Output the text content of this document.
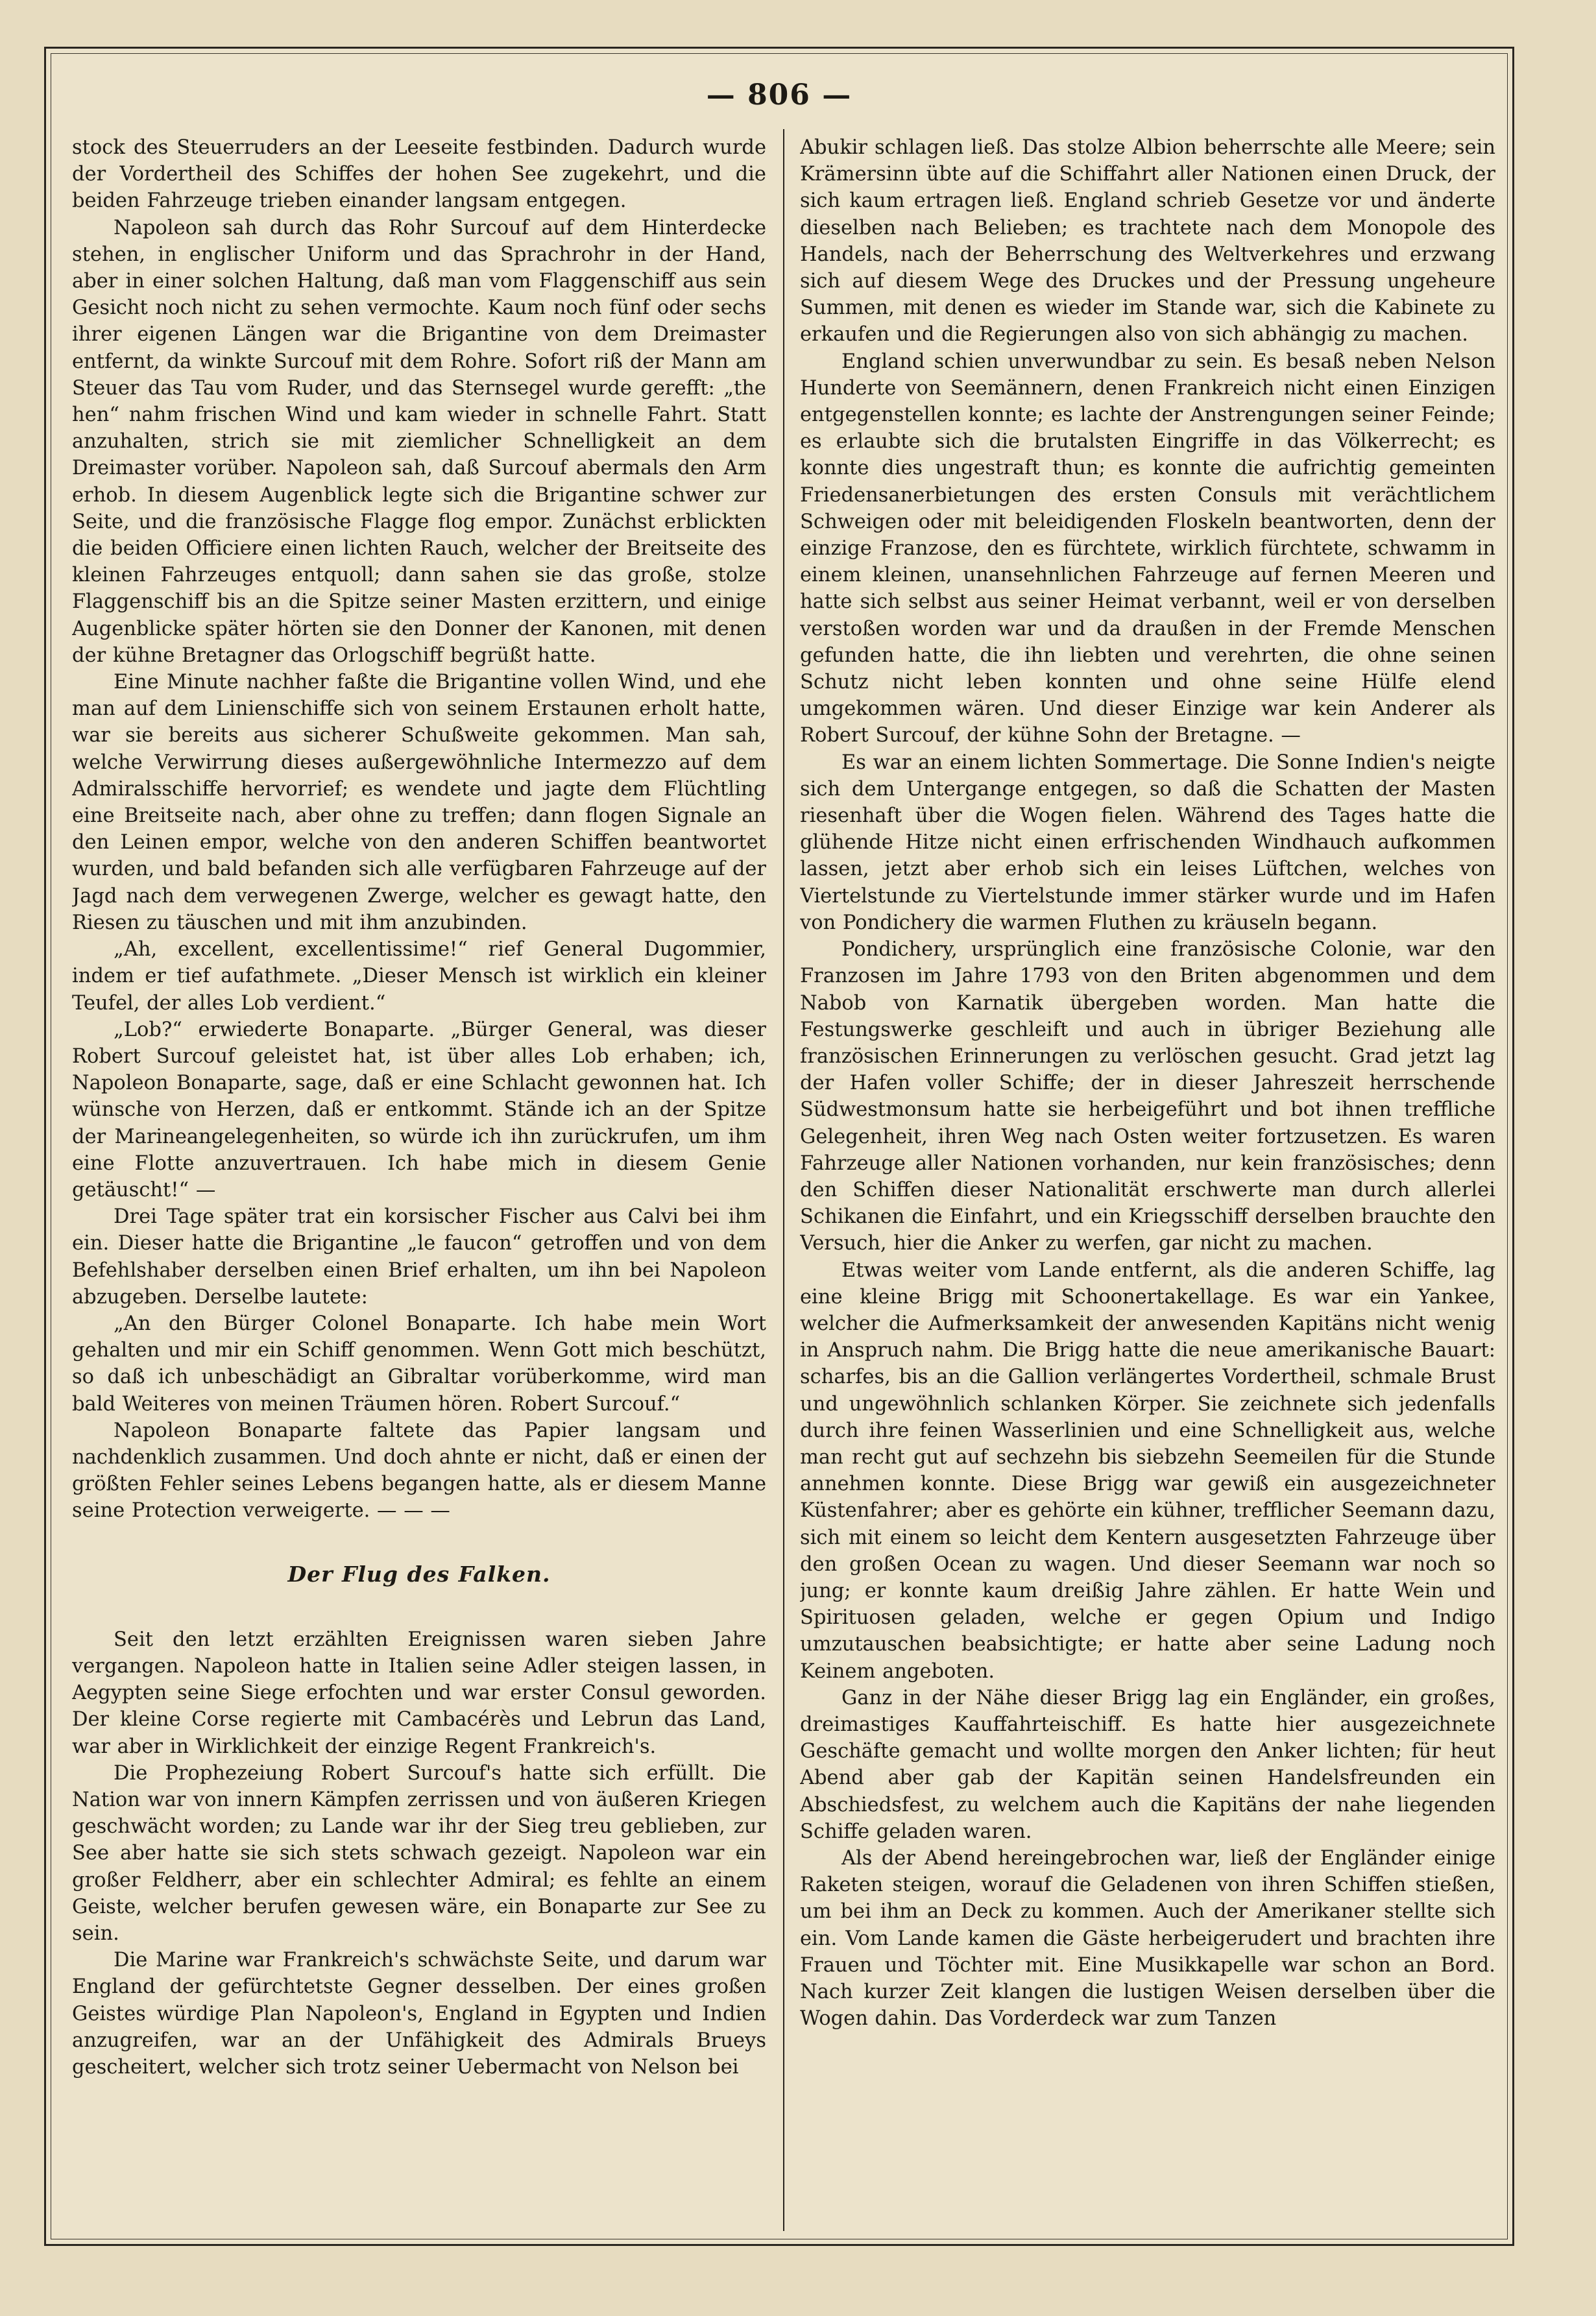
— 806 —

stock des Steuerruders an der Leeseite festbinden. Dadurch wurde der Vordertheil des Schiffes der hohen See zugekehrt, und die beiden Fahrzeuge trieben einander langsam entgegen.

Napoleon sah durch das Rohr Surcouf auf dem Hinterdecke stehen, in englischer Uniform und das Sprachrohr in der Hand, aber in einer solchen Haltung, daß man vom Flaggenschiff aus sein Gesicht noch nicht zu sehen vermochte. Kaum noch fünf oder sechs ihrer eigenen Längen war die Brigantine von dem Dreimaster entfernt, da winkte Surcouf mit dem Rohre. Sofort riß der Mann am Steuer das Tau vom Ruder, und das Sternsegel wurde gerefft: „the hen“ nahm frischen Wind und kam wieder in schnelle Fahrt. Statt anzuhalten, strich sie mit ziemlicher Schnelligkeit an dem Dreimaster vorüber. Napoleon sah, daß Surcouf abermals den Arm erhob. In diesem Augenblick legte sich die Brigantine schwer zur Seite, und die französische Flagge flog empor. Zunächst erblickten die beiden Officiere einen lichten Rauch, welcher der Breitseite des kleinen Fahrzeuges entquoll; dann sahen sie das große, stolze Flaggenschiff bis an die Spitze seiner Masten erzittern, und einige Augenblicke später hörten sie den Donner der Kanonen, mit denen der kühne Bretagner das Orlogschiff begrüßt hatte.

Eine Minute nachher faßte die Brigantine vollen Wind, und ehe man auf dem Linienschiffe sich von seinem Erstaunen erholt hatte, war sie bereits aus sicherer Schußweite gekommen. Man sah, welche Verwirrung dieses außergewöhnliche Intermezzo auf dem Admiralsschiffe hervorrief; es wendete und jagte dem Flüchtling eine Breitseite nach, aber ohne zu treffen; dann flogen Signale an den Leinen empor, welche von den anderen Schiffen beantwortet wurden, und bald befanden sich alle verfügbaren Fahrzeuge auf der Jagd nach dem verwegenen Zwerge, welcher es gewagt hatte, den Riesen zu täuschen und mit ihm anzubinden.

„Ah, excellent, excellentissime!“ rief General Dugommier, indem er tief aufathmete. „Dieser Mensch ist wirklich ein kleiner Teufel, der alles Lob verdient.“

„Lob?“ erwiederte Bonaparte. „Bürger General, was dieser Robert Surcouf geleistet hat, ist über alles Lob erhaben; ich, Napoleon Bonaparte, sage, daß er eine Schlacht gewonnen hat. Ich wünsche von Herzen, daß er entkommt. Stände ich an der Spitze der Marineangelegenheiten, so würde ich ihn zurückrufen, um ihm eine Flotte anzuvertrauen. Ich habe mich in diesem Genie getäuscht!“ —

Drei Tage später trat ein korsischer Fischer aus Calvi bei ihm ein. Dieser hatte die Brigantine „le faucon“ getroffen und von dem Befehlshaber derselben einen Brief erhalten, um ihn bei Napoleon abzugeben. Derselbe lautete:

„An den Bürger Colonel Bonaparte. Ich habe mein Wort gehalten und mir ein Schiff genommen. Wenn Gott mich beschützt, so daß ich unbeschädigt an Gibraltar vorüberkomme, wird man bald Weiteres von meinen Träumen hören. Robert Surcouf.“

Napoleon Bonaparte faltete das Papier langsam und nachdenklich zusammen. Und doch ahnte er nicht, daß er einen der größten Fehler seines Lebens begangen hatte, als er diesem Manne seine Protection verweigerte. — — —

Der Flug des Falken.

Seit den letzt erzählten Ereignissen waren sieben Jahre vergangen. Napoleon hatte in Italien seine Adler steigen lassen, in Aegypten seine Siege erfochten und war erster Consul geworden. Der kleine Corse regierte mit Cambacérès und Lebrun das Land, war aber in Wirklichkeit der einzige Regent Frankreich's.

Die Prophezeiung Robert Surcouf's hatte sich erfüllt. Die Nation war von innern Kämpfen zerrissen und von äußeren Kriegen geschwächt worden; zu Lande war ihr der Sieg treu geblieben, zur See aber hatte sie sich stets schwach gezeigt. Napoleon war ein großer Feldherr, aber ein schlechter Admiral; es fehlte an einem Geiste, welcher berufen gewesen wäre, ein Bonaparte zur See zu sein.

Die Marine war Frankreich's schwächste Seite, und darum war England der gefürchtetste Gegner desselben. Der eines großen Geistes würdige Plan Napoleon's, England in Egypten und Indien anzugreifen, war an der Unfähigkeit des Admirals Brueys gescheitert, welcher sich trotz seiner Uebermacht von Nelson bei

Abukir schlagen ließ. Das stolze Albion beherrschte alle Meere; sein Krämersinn übte auf die Schiffahrt aller Nationen einen Druck, der sich kaum ertragen ließ. England schrieb Gesetze vor und änderte dieselben nach Belieben; es trachtete nach dem Monopole des Handels, nach der Beherrschung des Weltverkehres und erzwang sich auf diesem Wege des Druckes und der Pressung ungeheure Summen, mit denen es wieder im Stande war, sich die Kabinete zu erkaufen und die Regierungen also von sich abhängig zu machen.

England schien unverwundbar zu sein. Es besaß neben Nelson Hunderte von Seemännern, denen Frankreich nicht einen Einzigen entgegenstellen konnte; es lachte der Anstrengungen seiner Feinde; es erlaubte sich die brutalsten Eingriffe in das Völkerrecht; es konnte dies ungestraft thun; es konnte die aufrichtig gemeinten Friedensanerbietungen des ersten Consuls mit verächtlichem Schweigen oder mit beleidigenden Floskeln beantworten, denn der einzige Franzose, den es fürchtete, wirklich fürchtete, schwamm in einem kleinen, unansehnlichen Fahrzeuge auf fernen Meeren und hatte sich selbst aus seiner Heimat verbannt, weil er von derselben verstoßen worden war und da draußen in der Fremde Menschen gefunden hatte, die ihn liebten und verehrten, die ohne seinen Schutz nicht leben konnten und ohne seine Hülfe elend umgekommen wären. Und dieser Einzige war kein Anderer als Robert Surcouf, der kühne Sohn der Bretagne. —

Es war an einem lichten Sommertage. Die Sonne Indien's neigte sich dem Untergange entgegen, so daß die Schatten der Masten riesenhaft über die Wogen fielen. Während des Tages hatte die glühende Hitze nicht einen erfrischenden Windhauch aufkommen lassen, jetzt aber erhob sich ein leises Lüftchen, welches von Viertelstunde zu Viertelstunde immer stärker wurde und im Hafen von Pondichery die warmen Fluthen zu kräuseln begann.

Pondichery, ursprünglich eine französische Colonie, war den Franzosen im Jahre 1793 von den Briten abgenommen und dem Nabob von Karnatik übergeben worden. Man hatte die Festungswerke geschleift und auch in übriger Beziehung alle französischen Erinnerungen zu verlöschen gesucht. Grad jetzt lag der Hafen voller Schiffe; der in dieser Jahreszeit herrschende Südwestmonsum hatte sie herbeigeführt und bot ihnen treffliche Gelegenheit, ihren Weg nach Osten weiter fortzusetzen. Es waren Fahrzeuge aller Nationen vorhanden, nur kein französisches; denn den Schiffen dieser Nationalität erschwerte man durch allerlei Schikanen die Einfahrt, und ein Kriegsschiff derselben brauchte den Versuch, hier die Anker zu werfen, gar nicht zu machen.

Etwas weiter vom Lande entfernt, als die anderen Schiffe, lag eine kleine Brigg mit Schoonertakellage. Es war ein Yankee, welcher die Aufmerksamkeit der anwesenden Kapitäns nicht wenig in Anspruch nahm. Die Brigg hatte die neue amerikanische Bauart: scharfes, bis an die Gallion verlängertes Vordertheil, schmale Brust und ungewöhnlich schlanken Körper. Sie zeichnete sich jedenfalls durch ihre feinen Wasserlinien und eine Schnelligkeit aus, welche man recht gut auf sechzehn bis siebzehn Seemeilen für die Stunde annehmen konnte. Diese Brigg war gewiß ein ausgezeichneter Küstenfahrer; aber es gehörte ein kühner, trefflicher Seemann dazu, sich mit einem so leicht dem Kentern ausgesetzten Fahrzeuge über den großen Ocean zu wagen. Und dieser Seemann war noch so jung; er konnte kaum dreißig Jahre zählen. Er hatte Wein und Spirituosen geladen, welche er gegen Opium und Indigo umzutauschen beabsichtigte; er hatte aber seine Ladung noch Keinem angeboten.

Ganz in der Nähe dieser Brigg lag ein Engländer, ein großes, dreimastiges Kauffahrteischiff. Es hatte hier ausgezeichnete Geschäfte gemacht und wollte morgen den Anker lichten; für heut Abend aber gab der Kapitän seinen Handelsfreunden ein Abschiedsfest, zu welchem auch die Kapitäns der nahe liegenden Schiffe geladen waren.

Als der Abend hereingebrochen war, ließ der Engländer einige Raketen steigen, worauf die Geladenen von ihren Schiffen stießen, um bei ihm an Deck zu kommen. Auch der Amerikaner stellte sich ein. Vom Lande kamen die Gäste herbeigerudert und brachten ihre Frauen und Töchter mit. Eine Musikkapelle war schon an Bord. Nach kurzer Zeit klangen die lustigen Weisen derselben über die Wogen dahin. Das Vorderdeck war zum Tanzen
